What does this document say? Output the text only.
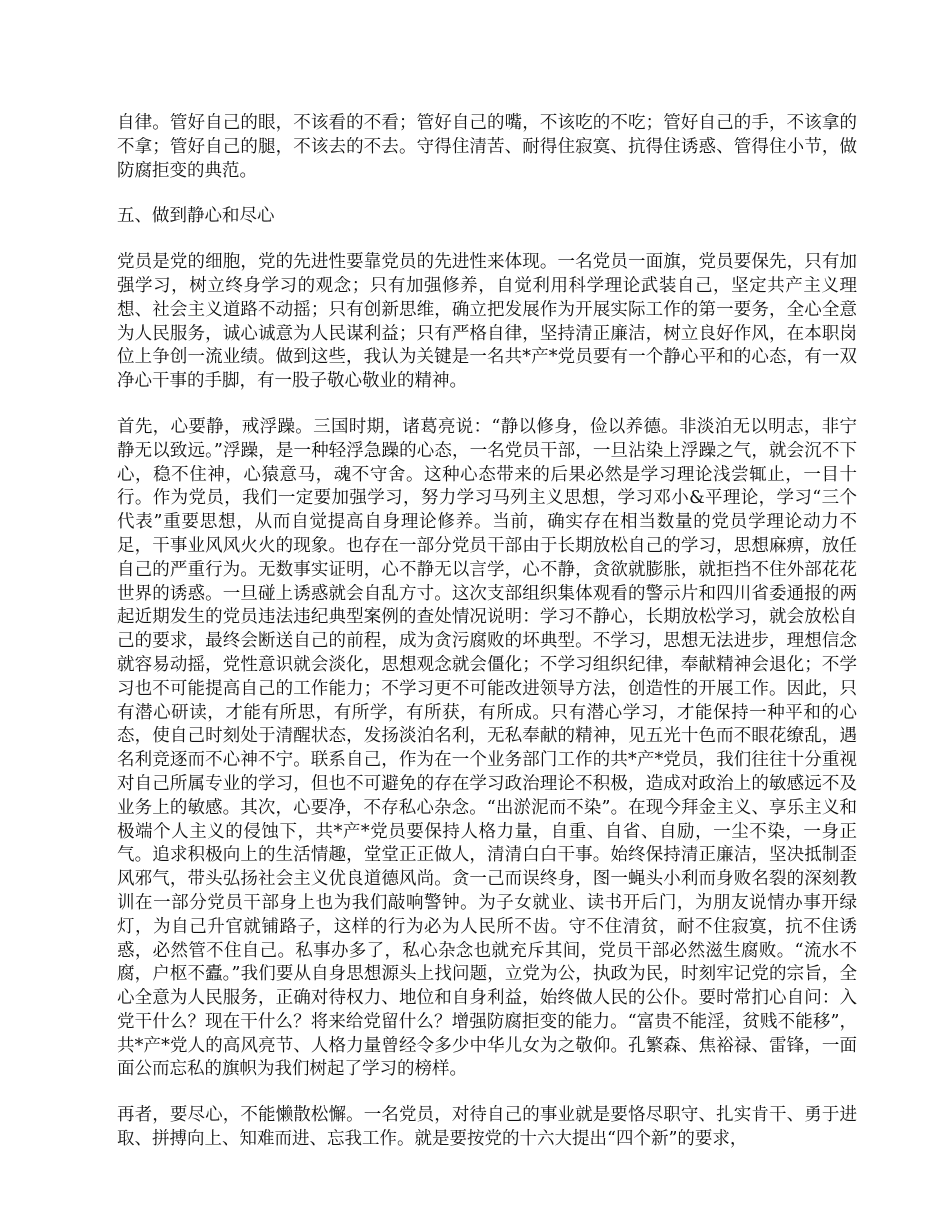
自律。管好自己的眼，不该看的不看；管好自己的嘴，不该吃的不吃；管好自己的手，不该拿的不拿；管好自己的腿，不该去的不去。守得住清苦、耐得住寂寞、抗得住诱惑、管得住小节，做防腐拒变的典范。

五、做到静心和尽心

党员是党的细胞，党的先进性要靠党员的先进性来体现。一名党员一面旗，党员要保先，只有加强学习，树立终身学习的观念；只有加强修养，自觉利用科学理论武装自己，坚定共产主义理想、社会主义道路不动摇；只有创新思维，确立把发展作为开展实际工作的第一要务，全心全意为人民服务，诚心诚意为人民谋利益；只有严格自律，坚持清正廉洁，树立良好作风，在本职岗位上争创一流业绩。做到这些，我认为关键是一名共*产*党员要有一个静心平和的心态，有一双净心干事的手脚，有一股子敬心敬业的精神。

首先，心要静，戒浮躁。三国时期，诸葛亮说：“静以修身，俭以养德。非淡泊无以明志，非宁静无以致远。”浮躁，是一种轻浮急躁的心态，一名党员干部，一旦沾染上浮躁之气，就会沉不下心，稳不住神，心猿意马，魂不守舍。这种心态带来的后果必然是学习理论浅尝辄止，一目十行。作为党员，我们一定要加强学习，努力学习马列主义思想，学习邓小&平理论，学习“三个代表”重要思想，从而自觉提高自身理论修养。当前，确实存在相当数量的党员学理论动力不足，干事业风风火火的现象。也存在一部分党员干部由于长期放松自己的学习，思想麻痹，放任自己的严重行为。无数事实证明，心不静无以言学，心不静，贪欲就膨胀，就拒挡不住外部花花世界的诱惑。一旦碰上诱惑就会自乱方寸。这次支部组织集体观看的警示片和四川省委通报的两起近期发生的党员违法违纪典型案例的查处情况说明：学习不静心，长期放松学习，就会放松自己的要求，最终会断送自己的前程，成为贪污腐败的坏典型。不学习，思想无法进步，理想信念就容易动摇，党性意识就会淡化，思想观念就会僵化；不学习组织纪律，奉献精神会退化；不学习也不可能提高自己的工作能力；不学习更不可能改进领导方法，创造性的开展工作。因此，只有潜心研读，才能有所思，有所学，有所获，有所成。只有潜心学习，才能保持一种平和的心态，使自己时刻处于清醒状态，发扬淡泊名利，无私奉献的精神，见五光十色而不眼花缭乱，遇名利竞逐而不心神不宁。联系自己，作为在一个业务部门工作的共*产*党员，我们往往十分重视对自己所属专业的学习，但也不可避免的存在学习政治理论不积极，造成对政治上的敏感远不及业务上的敏感。其次，心要净，不存私心杂念。“出淤泥而不染”。在现今拜金主义、享乐主义和极端个人主义的侵蚀下，共*产*党员要保持人格力量，自重、自省、自励，一尘不染，一身正气。追求积极向上的生活情趣，堂堂正正做人，清清白白干事。始终保持清正廉洁，坚决抵制歪风邪气，带头弘扬社会主义优良道德风尚。贪一己而误终身，图一蝇头小利而身败名裂的深刻教训在一部分党员干部身上也为我们敲响警钟。为子女就业、读书开后门，为朋友说情办事开绿灯，为自己升官就铺路子，这样的行为必为人民所不齿。守不住清贫，耐不住寂寞，抗不住诱惑，必然管不住自己。私事办多了，私心杂念也就充斥其间，党员干部必然滋生腐败。“流水不腐，户枢不蠹。”我们要从自身思想源头上找问题，立党为公，执政为民，时刻牢记党的宗旨，全心全意为人民服务，正确对待权力、地位和自身利益，始终做人民的公仆。要时常扪心自问：入党干什么？现在干什么？将来给党留什么？增强防腐拒变的能力。“富贵不能淫，贫贱不能移”，共*产*党人的高风亮节、人格力量曾经令多少中华儿女为之敬仰。孔繁森、焦裕禄、雷锋，一面面公而忘私的旗帜为我们树起了学习的榜样。

再者，要尽心，不能懒散松懈。一名党员，对待自己的事业就是要恪尽职守、扎实肯干、勇于进取、拼搏向上、知难而进、忘我工作。就是要按党的十六大提出“四个新”的要求，
